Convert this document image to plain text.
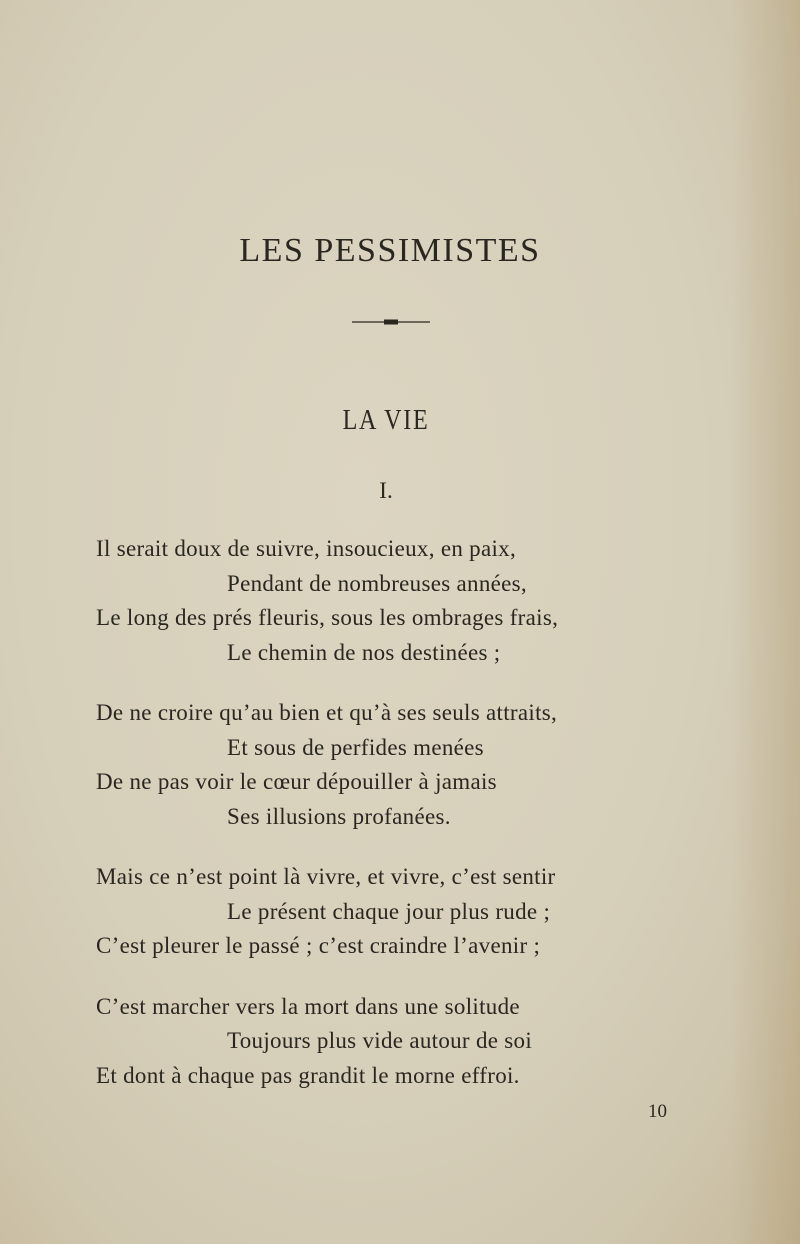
LES PESSIMISTES
LA VIE
I.
Il serait doux de suivre, insoucieux, en paix,
Pendant de nombreuses années,
Le long des prés fleuris, sous les ombrages frais,
Le chemin de nos destinées ;
De ne croire qu’au bien et qu’à ses seuls attraits,
Et sous de perfides menées
De ne pas voir le cœur dépouiller à jamais
Ses illusions profanées.
Mais ce n’est point là vivre, et vivre, c’est sentir
Le présent chaque jour plus rude ;
C’est pleurer le passé ; c’est craindre l’avenir ;
C’est marcher vers la mort dans une solitude
Toujours plus vide autour de soi
Et dont à chaque pas grandit le morne effroi.
10
